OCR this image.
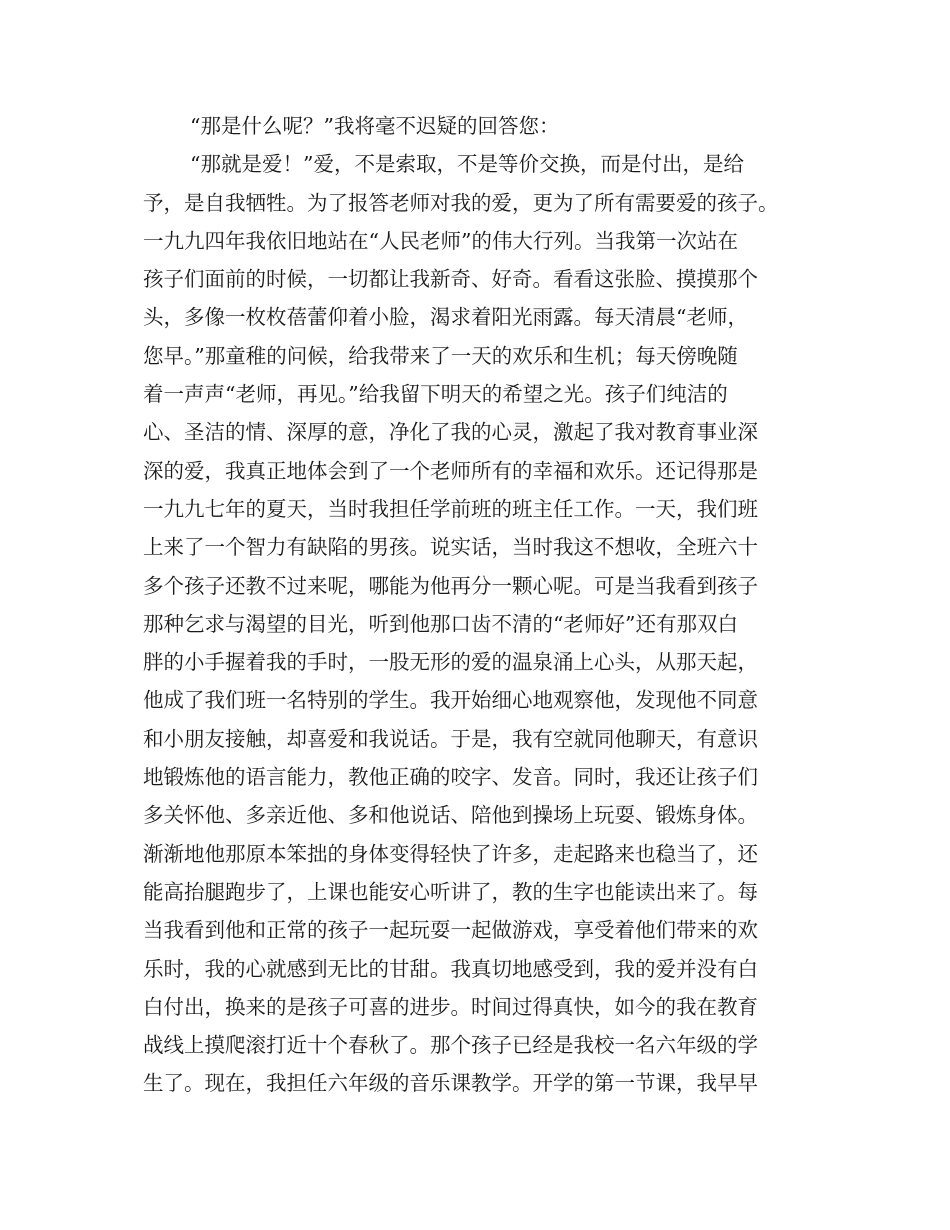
“那是什么呢？”我将毫不迟疑的回答您：
“那就是爱！”爱，不是索取，不是等价交换，而是付出，是给
予，是自我牺牲。为了报答老师对我的爱，更为了所有需要爱的孩子。
一九九四年我依旧地站在“人民老师”的伟大行列。当我第一次站在
孩子们面前的时候，一切都让我新奇、好奇。看看这张脸、摸摸那个
头，多像一枚枚蓓蕾仰着小脸，渴求着阳光雨露。每天清晨“老师，
您早。”那童稚的问候，给我带来了一天的欢乐和生机；每天傍晚随
着一声声“老师，再见。”给我留下明天的希望之光。孩子们纯洁的
心、圣洁的情、深厚的意，净化了我的心灵，激起了我对教育事业深
深的爱，我真正地体会到了一个老师所有的幸福和欢乐。还记得那是
一九九七年的夏天，当时我担任学前班的班主任工作。一天，我们班
上来了一个智力有缺陷的男孩。说实话，当时我这不想收，全班六十
多个孩子还教不过来呢，哪能为他再分一颗心呢。可是当我看到孩子
那种乞求与渴望的目光，听到他那口齿不清的“老师好”还有那双白
胖的小手握着我的手时，一股无形的爱的温泉涌上心头，从那天起，
他成了我们班一名特别的学生。我开始细心地观察他，发现他不同意
和小朋友接触，却喜爱和我说话。于是，我有空就同他聊天，有意识
地锻炼他的语言能力，教他正确的咬字、发音。同时，我还让孩子们
多关怀他、多亲近他、多和他说话、陪他到操场上玩耍、锻炼身体。
渐渐地他那原本笨拙的身体变得轻快了许多，走起路来也稳当了，还
能高抬腿跑步了，上课也能安心听讲了，教的生字也能读出来了。每
当我看到他和正常的孩子一起玩耍一起做游戏，享受着他们带来的欢
乐时，我的心就感到无比的甘甜。我真切地感受到，我的爱并没有白
白付出，换来的是孩子可喜的进步。时间过得真快，如今的我在教育
战线上摸爬滚打近十个春秋了。那个孩子已经是我校一名六年级的学
生了。现在，我担任六年级的音乐课教学。开学的第一节课，我早早
